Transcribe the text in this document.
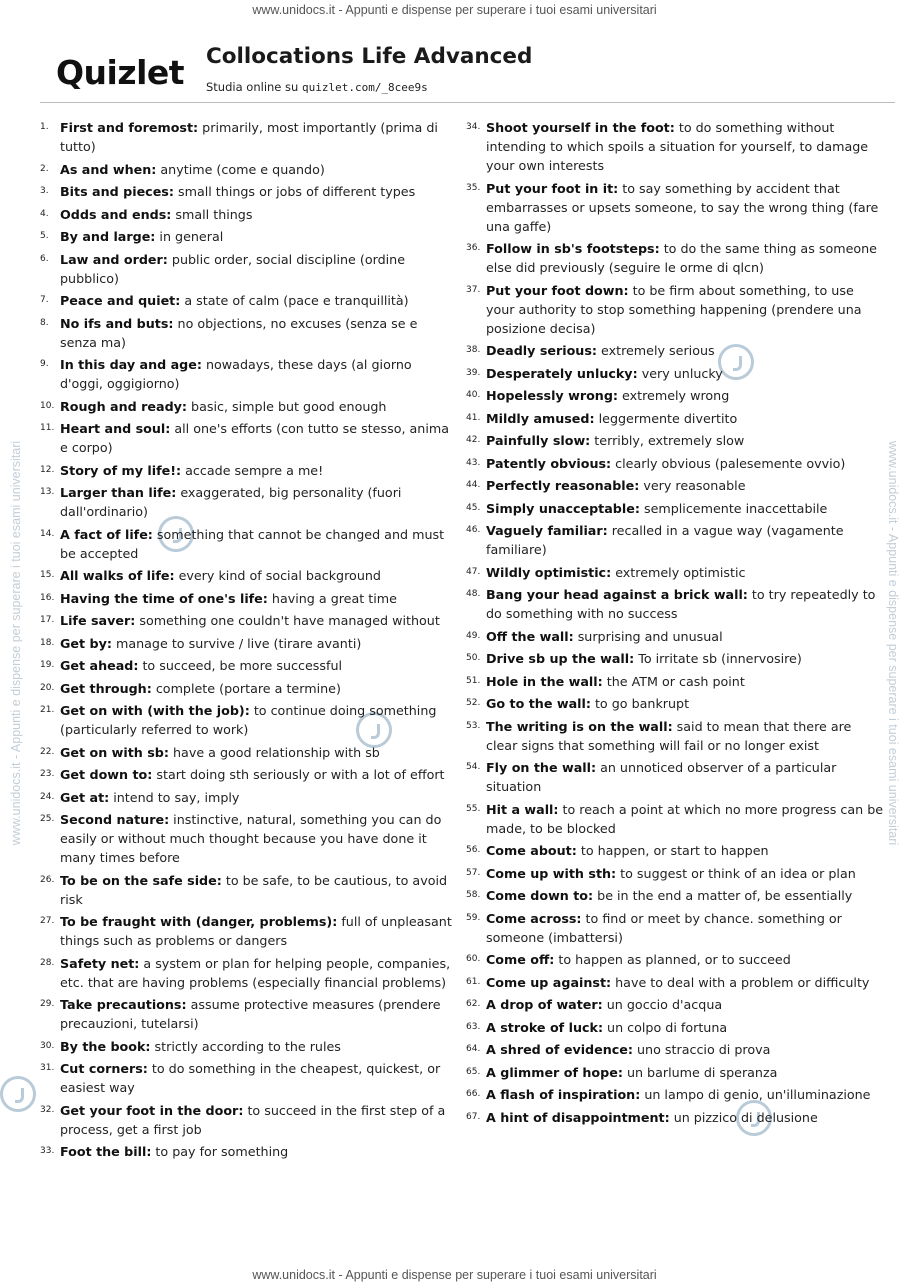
www.unidocs.it - Appunti e dispense per superare i tuoi esami universitari
www.unidocs.it - Appunti e dispense per superare i tuoi esami universitari
www.unidocs.it - Appunti e dispense per superare i tuoi esami universitari	www.unidocs.it - Appunti e dispense per superare i tuoi esami universitari
Quizlet Collocations Life Advanced
Studia online su quizlet.com/_8cee9s
1. First and foremost: primarily, most importantly (prima di tutto)
2. As and when: anytime (come e quando)
3. Bits and pieces: small things or jobs of different types
4. Odds and ends: small things
5. By and large: in general
6. Law and order: public order, social discipline (ordine pubblico)
7. Peace and quiet: a state of calm (pace e tranquillità)
8. No ifs and buts: no objections, no excuses (senza se e senza ma)
9. In this day and age: nowadays, these days (al giorno d'oggi, oggigiorno)
10. Rough and ready: basic, simple but good enough
11. Heart and soul: all one's efforts (con tutto se stesso, anima e corpo)
12. Story of my life!: accade sempre a me!
13. Larger than life: exaggerated, big personality (fuori dall'ordinario)
14. A fact of life: something that cannot be changed and must be accepted
15. All walks of life: every kind of social background
16. Having the time of one's life: having a great time
17. Life saver: something one couldn't have managed without
18. Get by: manage to survive / live (tirare avanti)
19. Get ahead: to succeed, be more successful
20. Get through: complete (portare a termine)
21. Get on with (with the job): to continue doing something (particularly referred to work)
22. Get on with sb: have a good relationship with sb
23. Get down to: start doing sth seriously or with a lot of effort
24. Get at: intend to say, imply
25. Second nature: instinctive, natural, something you can do easily or without much thought because you have done it many times before
26. To be on the safe side: to be safe, to be cautious, to avoid risk
27. To be fraught with (danger, problems): full of unpleasant things such as problems or dangers
28. Safety net: a system or plan for helping people, companies, etc. that are having problems (especially financial problems)
29. Take precautions: assume protective measures (prendere precauzioni, tutelarsi)
30. By the book: strictly according to the rules
31. Cut corners: to do something in the cheapest, quickest, or easiest way
32. Get your foot in the door: to succeed in the first step of a process, get a first job
33. Foot the bill: to pay for something
34. Shoot yourself in the foot: to do something without intending to which spoils a situation for yourself, to damage your own interests
35. Put your foot in it: to say something by accident that embarrasses or upsets someone, to say the wrong thing (fare una gaffe)
36. Follow in sb's footsteps: to do the same thing as someone else did previously (seguire le orme di qlcn)
37. Put your foot down: to be firm about something, to use your authority to stop something happening (prendere una posizione decisa)
38. Deadly serious: extremely serious
39. Desperately unlucky: very unlucky
40. Hopelessly wrong: extremely wrong
41. Mildly amused: leggermente divertito
42. Painfully slow: terribly, extremely slow
43. Patently obvious: clearly obvious (palesemente ovvio)
44. Perfectly reasonable: very reasonable
45. Simply unacceptable: semplicemente inaccettabile
46. Vaguely familiar: recalled in a vague way (vagamente familiare)
47. Wildly optimistic: extremely optimistic
48. Bang your head against a brick wall: to try repeatedly to do something with no success
49. Off the wall: surprising and unusual
50. Drive sb up the wall: To irritate sb (innervosire)
51. Hole in the wall: the ATM or cash point
52. Go to the wall: to go bankrupt
53. The writing is on the wall: said to mean that there are clear signs that something will fail or no longer exist
54. Fly on the wall: an unnoticed observer of a particular situation
55. Hit a wall: to reach a point at which no more progress can be made, to be blocked
56. Come about: to happen, or start to happen
57. Come up with sth: to suggest or think of an idea or plan
58. Come down to: be in the end a matter of, be essentially
59. Come across: to find or meet by chance. something or someone (imbattersi)
60. Come off: to happen as planned, or to succeed
61. Come up against: have to deal with a problem or difficulty
62. A drop of water: un goccio d'acqua
63. A stroke of luck: un colpo di fortuna
64. A shred of evidence: uno straccio di prova
65. A glimmer of hope: un barlume di speranza
66. A flash of inspiration: un lampo di genio, un'illuminazione
67. A hint of disappointment: un pizzico di delusione
